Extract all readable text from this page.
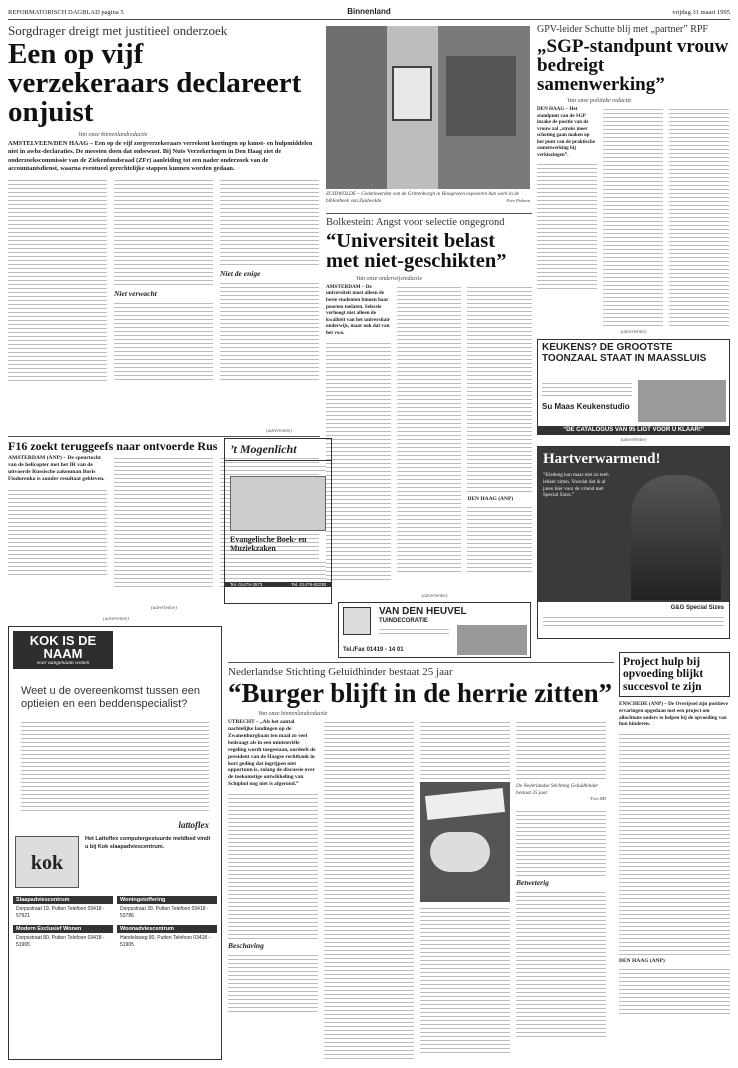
REFORMATORISCH DAGBLAD pagina 5	Binnenland	vrijdag 31 maart 1995
Sorgdrager dreigt met justitieel onderzoek
Een op vijf verzekeraars declareert onjuist
Van onze binnenlandredactie
AMSTELVEEN/DEN HAAG – Een op de vijf zorgverzekeraars verrekent kortingen op kunst- en hulpmiddelen niet in awbz-declaraties. De meesten doen dat onbewust. Bij Nuts Verzekeringen in Den Haag ziet de onderzoekscommissie van de Ziekenfondsraad (ZFr) aanleiding tot een nader onderzoek van de accountantsdienst, waarna eventueel gerechtelijke stappen kunnen worden gedaan.
Niet verwacht
Niet de enige
F16 zoekt teruggeefs naar ontvoerde Rus
AMSTERDAM (ANP) – De speurtocht van de helicopter met het IR van de uitvoerde Russische zakenman Boris Fiodorenko is zonder resultaat gebleven.
(advertentie)
ZUIDWOLDE – Gedetineerden van de Grittenborgh in Hoogeveen exposeren hun werk in de bibliotheek van Zuidwolde.	Foto Pieksen
Bolkestein: Angst voor selectie ongegrond
“Universiteit belast met niet-geschikten”
Van onze onderwijsredactie
AMSTERDAM – De universiteit moet alleen de beste studenten binnen haar poorten toelaten. Selectie verhoogt niet alleen de kwaliteit van het universitair onderwijs, maar ook dat van het vwo.
DEN HAAG (ANP)
GPV-leider Schutte blij met „partner” RPF
„SGP-standpunt vrouw bedreigt samenwerking”
Van onze politieke redactie
DEN HAAG – Het standpunt van de SGP inzake de positie van de vrouw zal „stroks meer schoting gaan maken op het punt van de praktische samenwerking bij verkiezingen”.
(advertentie)
KEUKENS? DE GROOTSTE TOONZAAL STAAT IN MAASSLUIS
Su Maas Keukenstudio
“DE CATALOGUS VAN 95 LIGT VOOR U KLAAR!”
(advertentie)
Hartverwarmend!
“Kledeng kan maar niet zo teeh lekker zitten. Voordat dat ik al jaren hier voor de vriend met Special Sizes.”
G&G Special Sizes
(advertentie)
’t Mogenlicht
Evangelische Boek- en Muziekzaken
Tel. 01479-3573	Tel. 01479-82230
(advertentie)
VAN DEN HEUVEL
TUINDECORATIE
Tel./Fax 01419 - 14 01
(advertentie)
KOK IS DE NAAM
voor aangenaam wonen
Weet u de overeenkomst tussen een optieien en een beddenspecialist?
lattoflex
kok
Het Lattoflex computergestuurde meldbed vindt u bij Kok slaapadviescentrum.
Slaapadviescentrum
Dorpsstraat 19, Putten Telefoon 03418 - 57921
Woningstoffering
Dorpsstraat 39, Putten Telefoon 03418 - 53786
Modern Exclusief Wonen
Dorpsstraat 80, Putten Telefoon 03418 - 51965
Woonadviescentrum
Handelsweg 80, Putten Telefoon 03418 - 51905
Nederlandse Stichting Geluidhinder bestaat 25 jaar
“Burger blijft in de herrie zitten”
Van onze binnenlandredactie
UTRECHT – „Als het aantal nachtelijke landingen op de Zwanenburgbaan ten maal zo veel bedraagt als in een ministeriële regeling wordt toegestaan, oordeelt de president van de Haagse rechtbank in kort geding dat ingrijpen niet opportuun is, zolang de discussie over de toekomstige ontwikkeling van Schiphol nog niet is afgerond.”
Beschaving
De Nederlandse Stichting Geluidhinder bestaat 25 jaar.
Foto RD
Betweterig
Project hulp bij opvoeding blijkt succesvol te zijn
ENSCHEDE (ANP) – De Overijssel zijn positieve ervaringen opgedaan met een project om allochtone ouders te helpen bij de opvoeding van hun kinderen.
DEN HAAG (ANP)
